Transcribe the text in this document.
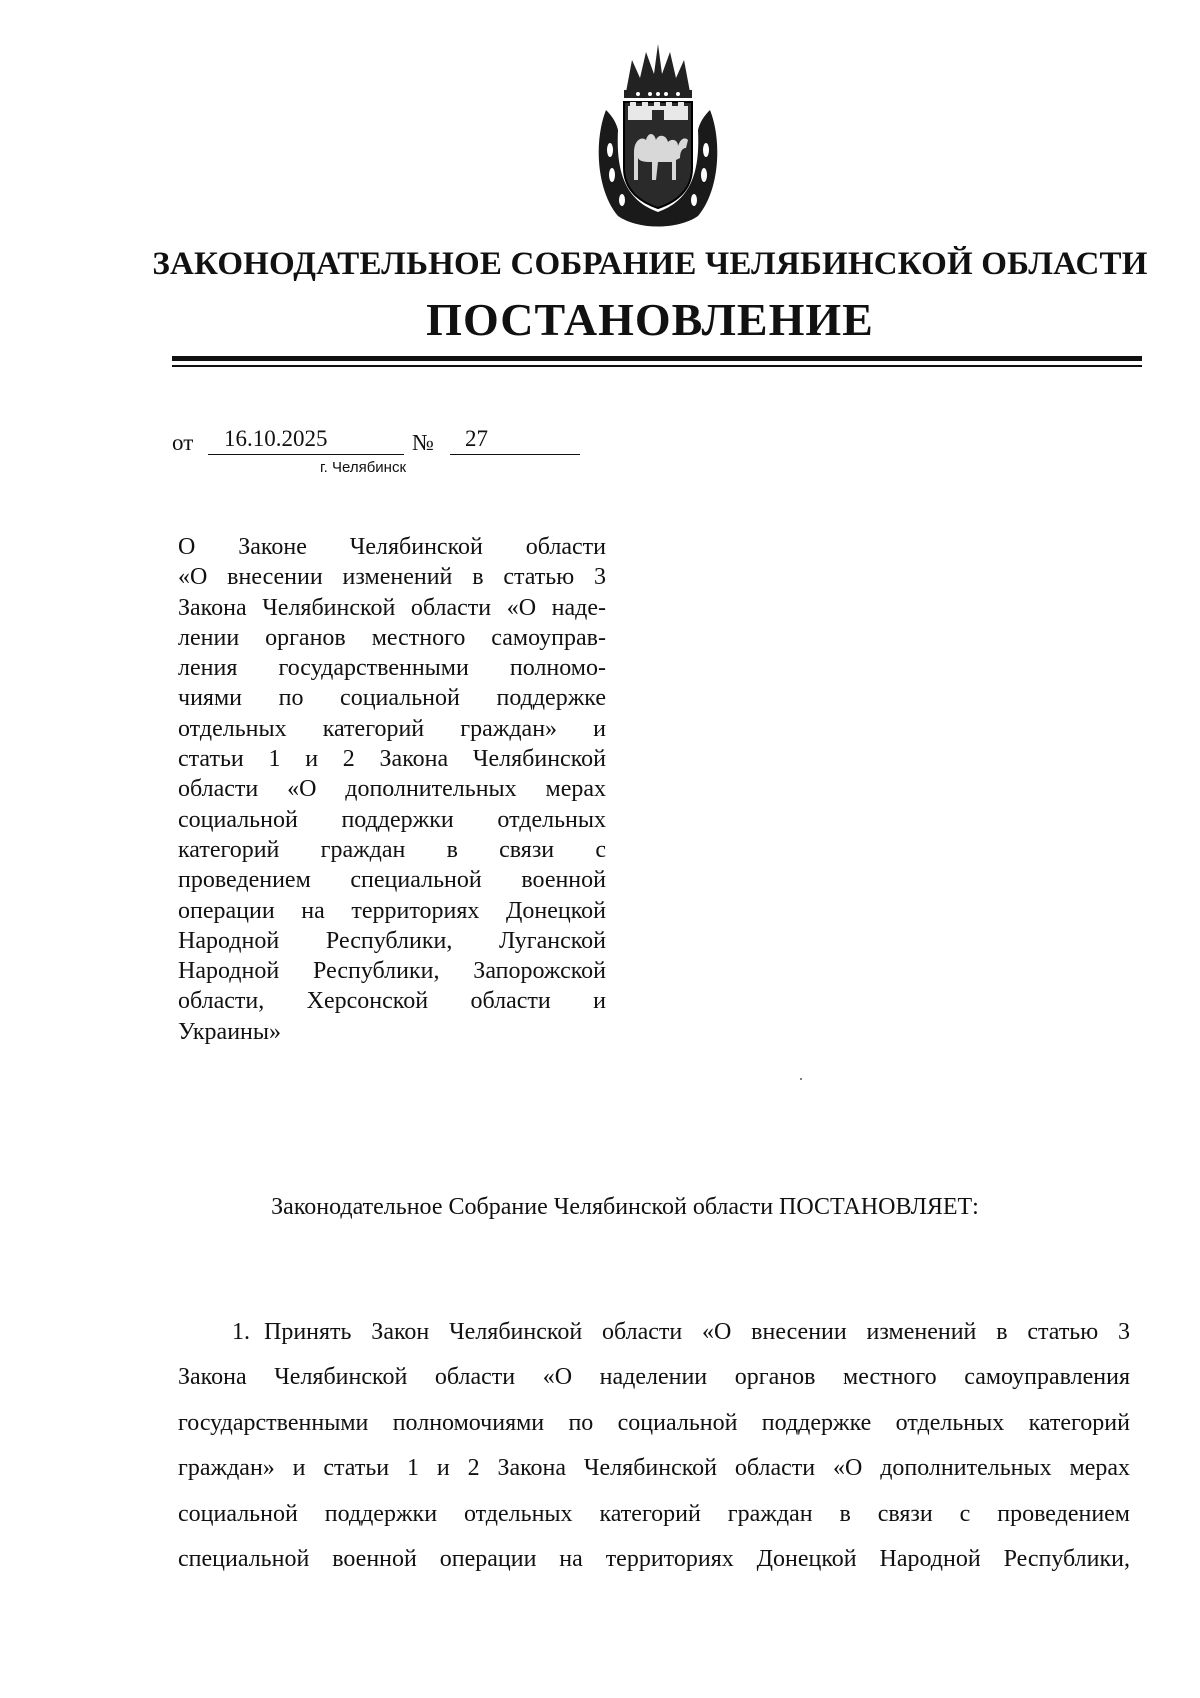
ЗАКОНОДАТЕЛЬНОЕ СОБРАНИЕ ЧЕЛЯБИНСКОЙ ОБЛАСТИ
ПОСТАНОВЛЕНИЕ
от	16.10.2025	№	27
г. Челябинск

О Законе Челябинской области
«О внесении изменений в статью 3
Закона Челябинской области «О наде-
лении органов местного самоуправ-
ления государственными полномо-
чиями по социальной поддержке
отдельных категорий граждан» и
статьи 1 и 2 Закона Челябинской
области «О дополнительных мерах
социальной поддержки отдельных
категорий граждан в связи с
проведением специальной военной
операции на территориях Донецкой
Народной Республики, Луганской
Народной Республики, Запорожской
области, Херсонской области и
Украины»

Законодательное Собрание Челябинской области ПОСТАНОВЛЯЕТ:
1. Принять Закон Челябинской области «О внесении изменений в статью 3
Закона Челябинской области «О наделении органов местного самоуправления
государственными полномочиями по социальной поддержке отдельных категорий
граждан» и статьи 1 и 2 Закона Челябинской области «О дополнительных мерах
социальной поддержки отдельных категорий граждан в связи с проведением
специальной военной операции на территориях Донецкой Народной Республики,
